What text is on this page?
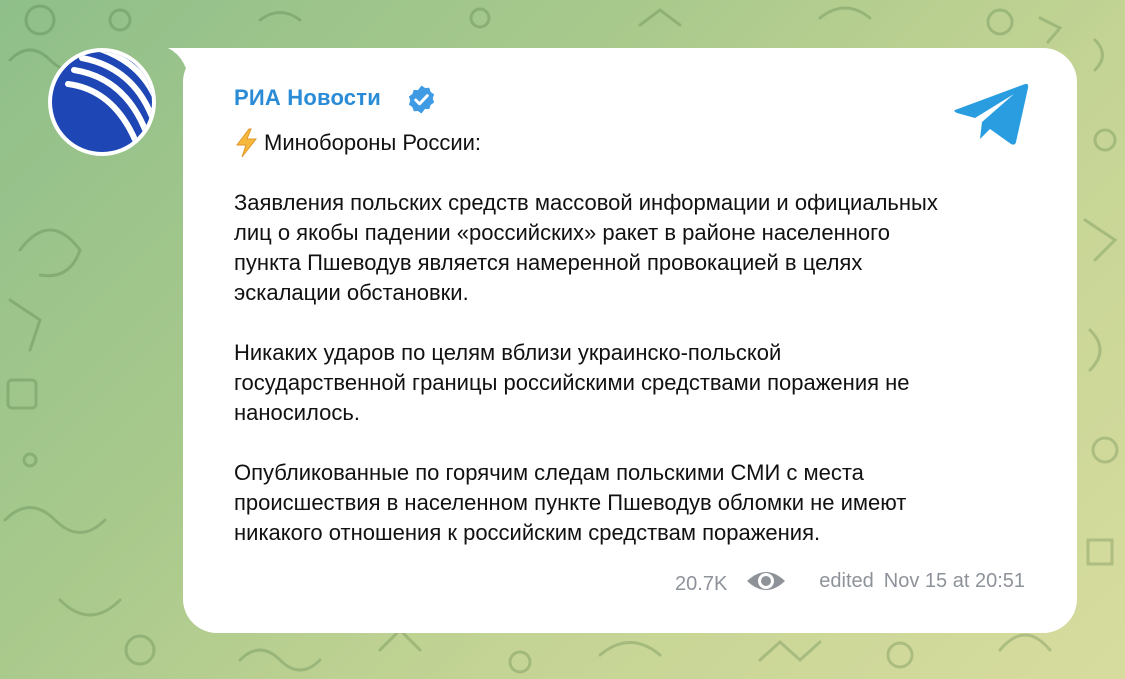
РИА Новости
Минобороны России:

Заявления польских средств массовой информации и официальных
лиц о якобы падении «российских» ракет в районе населенного
пункта Пшеводув является намеренной провокацией в целях
эскалации обстановки.

Никаких ударов по целям вблизи украинско-польской
государственной границы российскими средствами поражения не
наносилось.

Опубликованные по горячим следам польскими СМИ с места
происшествия в населенном пункте Пшеводув обломки не имеют
никакого отношения к российским средствам поражения.

20.7K	edited Nov 15 at 20:51
